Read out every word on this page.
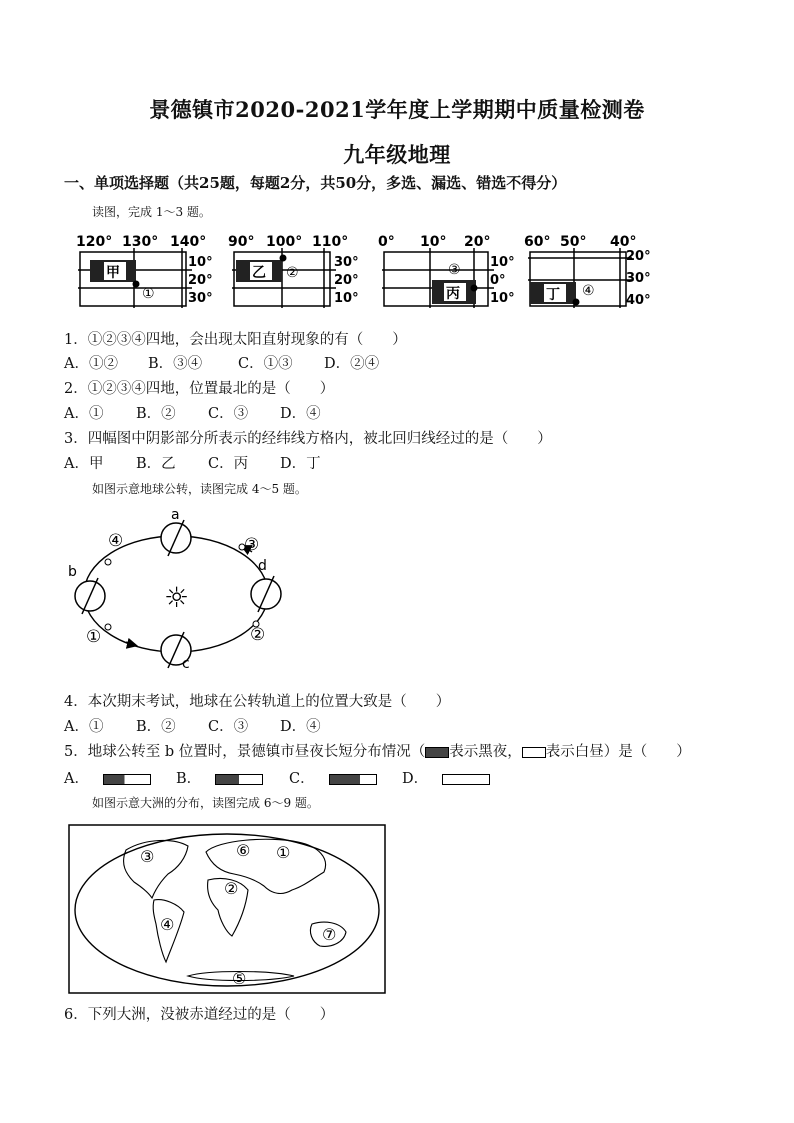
景德镇市2020-2021学年度上学期期中质量检测卷
九年级地理
一、单项选择题（共25题，每题2分，共50分，多选、漏选、错选不得分）
读图，完成 1～3 题。
120° 130° 140°
甲
①
10°
20°
30°
90° 100° 110°
乙 ②
30°
20°
10°
0° 10° 20°
③
丙
10°
0°
10°
60° 50° 40°
丁 ④
20°
30°
40°
1．①②③④四地，会出现太阳直射现象的有（　　）
A．①② B．③④ C．①③ D．②④
2．①②③④四地，位置最北的是（　　）
A．① B．② C．③ D．④
3．四幅图中阴影部分所表示的经纬线方格内，被北回归线经过的是（　　）
A．甲 B．乙 C．丙 D．丁
如图示意地球公转，读图完成 4～5 题。
☼
a
b
c
d
①	②
③
④
4．本次期末考试，地球在公转轨道上的位置大致是（　　）
A．① B．② C．③ D．④
5．地球公转至 b 位置时，景德镇市昼夜长短分布情况（ 表示黑夜， 表示白昼）是（　　）
A．	B．	C．	D．
如图示意大洲的分布，读图完成 6～9 题。
①
②
③
④
⑤
⑥
⑦
6．下列大洲，没被赤道经过的是（　　）
